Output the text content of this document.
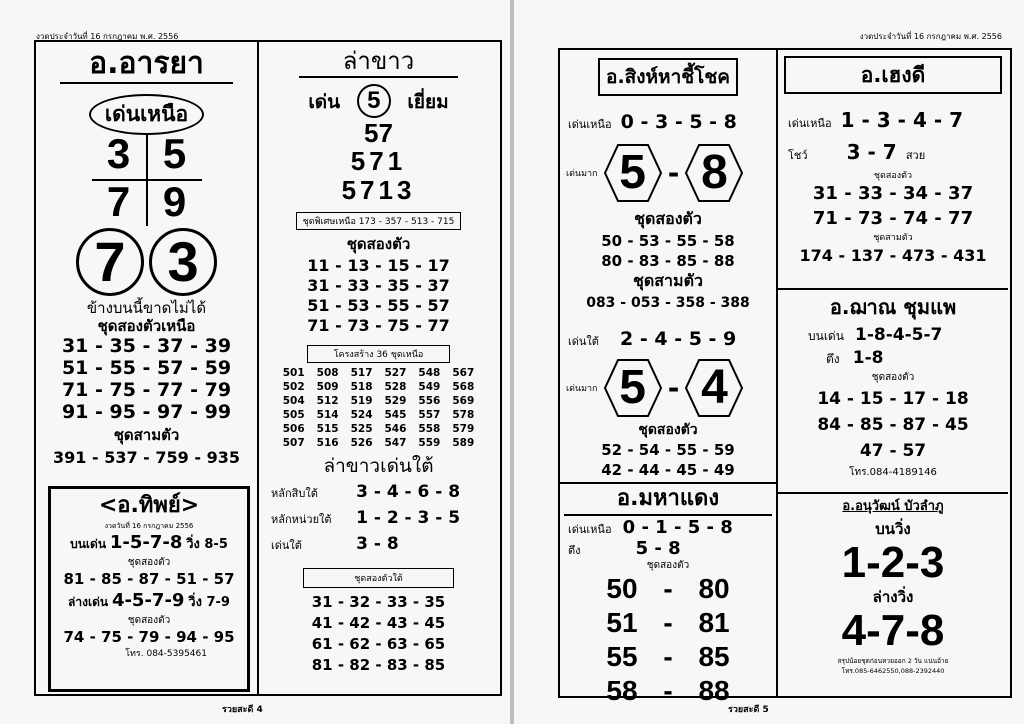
งวดประจำวันที่ 16 กรกฎาคม พ.ศ. 2556
อ.อารยา
เด่นเหนือ
3 5
7 9
7 3
ข้างบนนี้ขาดไม่ได้
ชุดสองตัวเหนือ
31 - 35 - 37 - 39
51 - 55 - 57 - 59
71 - 75 - 77 - 79
91 - 95 - 97 - 99
ชุดสามตัว
391 - 537 - 759 - 935
<อ.ทิพย์>
งวดวันที่ 16 กรกฎาคม 2556
บนเด่น 1-5-7-8 วิ่ง 8-5
ชุดสองตัว
81 - 85 - 87 - 51 - 57
ล่างเด่น 4-5-7-9 วิ่ง 7-9
ชุดสองตัว
74 - 75 - 79 - 94 - 95
โทร. 084-5395461
ล่าขาว
เด่น 5 เยี่ยม
57
571
5713
ชุดพิเศษเหนือ 173 - 357 - 513 - 715
ชุดสองตัว
11 - 13 - 15 - 17
31 - 33 - 35 - 37
51 - 53 - 55 - 57
71 - 73 - 75 - 77
โครงสร้าง 36 ชุดเหนือ
501	508	517	527	548	567
502	509	518	528	549	568
504	512	519	529	556	569
505	514	524	545	557	578
506	515	525	546	558	579
507	516	526	547	559	589
ล่าขาวเด่นใต้
หลักสิบใต้ 3 - 4 - 6 - 8
หลักหน่วยใต้ 1 - 2 - 3 - 5
เด่นใต้	3 - 8
ชุดสองตัวใต้
31 - 32 - 33 - 35
41 - 42 - 43 - 45
61 - 62 - 63 - 65
81 - 82 - 83 - 85
รวยสะดี 4
งวดประจำวันที่ 16 กรกฎาคม พ.ศ. 2556
อ.สิงห์หาชี้โชค
เด่นเหนือ 0 - 3 - 5 - 8
เด่นมาก 5 - 8
ชุดสองตัว
50 - 53 - 55 - 58
80 - 83 - 85 - 88
ชุดสามตัว
083 - 053 - 358 - 388
เด่นใต้ 2 - 4 - 5 - 9
เด่นมาก 5 - 4
ชุดสองตัว
52 - 54 - 55 - 59
42 - 44 - 45 - 49
อ.มหาแดง
เด่นเหนือ 0 - 1 - 5 - 8
ตึง	5 - 8
ชุดสองตัว
50 - 80
51 - 81
55 - 85
58 - 88
อ.เฮงดี
เด่นเหนือ 1 - 3 - 4 - 7
โชว์ 3 - 7 สวย
ชุดสองตัว
31 - 33 - 34 - 37
71 - 73 - 74 - 77
ชุดสามตัว
174 - 137 - 473 - 431
อ.ฌาณ ชุมแพ
บนเด่น 1-8-4-5-7
ตึง 1-8
ชุดสองตัว
14 - 15 - 17 - 18
84 - 85 - 87 - 45
47 - 57
โทร.084-4189146
อ.อนุวัฒน์ บัวลำภู
บนวิ่ง
1-2-3
ล่างวิ่ง
4-7-8
สรุปน้อยชุดก่อนหวยออก 2 วัน แน่นอ้าย
โทร.085-6462550,088-2392440
รวยสะดี 5
